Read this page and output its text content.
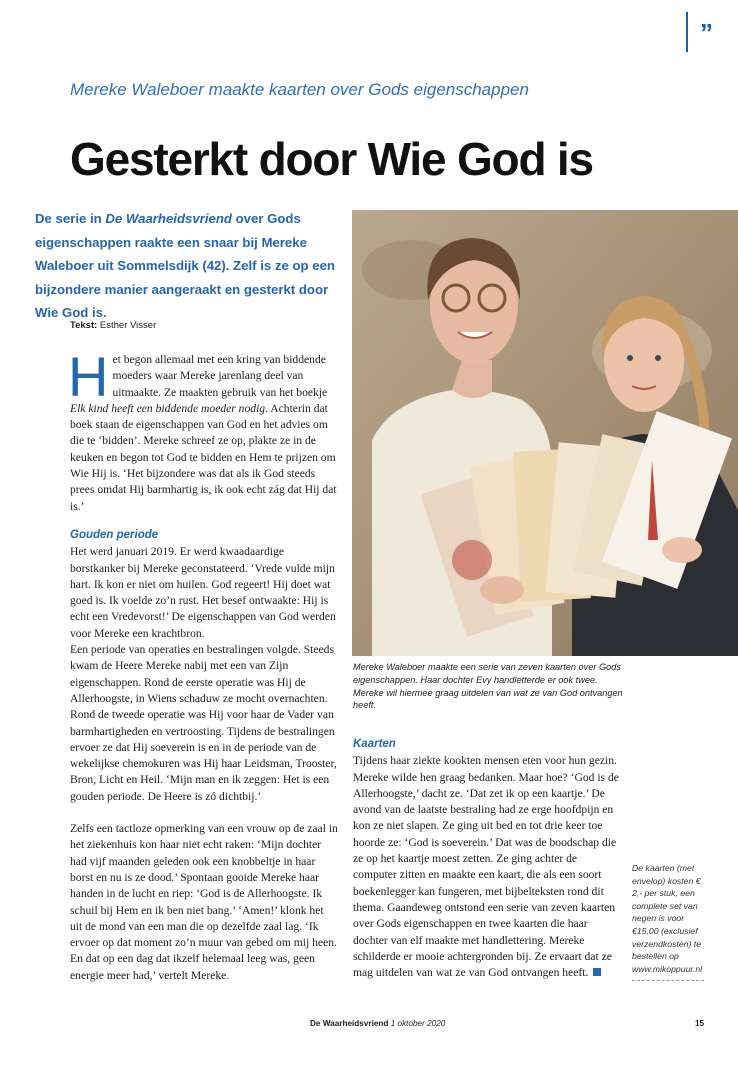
”
Mereke Waleboer maakte kaarten over Gods eigenschappen
Gesterkt door Wie God is
De serie in De Waarheidsvriend over Gods eigenschappen raakte een snaar bij Mereke Waleboer uit Sommelsdijk (42). Zelf is ze op een bijzondere manier aangeraakt en gesterkt door Wie God is.
Tekst: Esther Visser

Het begon allemaal met een kring van biddende moeders waar Mereke jarenlang deel van uitmaakte. Ze maakten gebruik van het boekje Elk kind heeft een biddende moeder nodig. Achterin dat boek staan de eigenschappen van God en het advies om die te ‘bidden’. Mereke schreef ze op, plakte ze in de keuken en begon tot God te bidden en Hem te prijzen om Wie Hij is. ‘Het bijzondere was dat als ik God steeds prees omdat Hij barmhartig is, ik ook echt zág dat Hij dat is.’

Gouden periode

Het werd januari 2019. Er werd kwaadaardige borstkanker bij Mereke geconstateerd. ‘Vrede vulde mijn hart. Ik kon er niet om huilen. God regeert! Hij doet wat goed is. Ik voelde zo’n rust. Het besef ontwaakte: Hij is echt een Vredevorst!’ De eigenschappen van God werden voor Mereke een krachtbron.

Een periode van operaties en bestralingen volgde. Steeds kwam de Heere Mereke nabij met een van Zijn eigenschappen. Rond de eerste operatie was Hij de Allerhoogste, in Wiens schaduw ze mocht overnachten. Rond de tweede operatie was Hij voor haar de Vader van barmhartigheden en vertroosting. Tijdens de bestralingen ervoer ze dat Hij soeverein is en in de periode van de wekelijkse chemokuren was Hij haar Leidsman, Trooster, Bron, Licht en Heil. ‘Mijn man en ik zeggen: Het is een gouden periode. De Heere is zó dichtbij.’

Zelfs een tactloze opmerking van een vrouw op de zaal in het ziekenhuis kon haar niet echt raken: ‘Mijn dochter had vijf maanden geleden ook een knobbeltje in haar borst en nu is ze dood.’ Spontaan gooide Mereke haar handen in de lucht en riep: ‘God is de Allerhoogste. Ik schuil bij Hem en ik ben niet bang.’ ‘Amen!’ klonk het uit de mond van een man die op dezelfde zaal lag. ‘Ik ervoer op dat moment zo’n muur van gebed om mij heen. En dat op een dag dat ikzelf helemaal leeg was, geen energie meer had,’ vertelt Mereke.

Mereke Waleboer maakte een serie van zeven kaarten over Gods eigenschappen. Haar dochter Evy handletterde er ook twee. Mereke wil hiermee graag uitdelen van wat ze van God ontvangen heeft.

Kaarten

Tijdens haar ziekte kookten mensen eten voor hun gezin. Mereke wilde hen graag bedanken. Maar hoe? ‘God is de Allerhoogste,’ dacht ze. ‘Dat zet ik op een kaartje.’ De avond van de laatste bestraling had ze erge hoofdpijn en kon ze niet slapen. Ze ging uit bed en tot drie keer toe hoorde ze: ‘God is soeverein.’ Dat was de boodschap die ze op het kaartje moest zetten. Ze ging achter de computer zitten en maakte een kaart, die als een soort boekenlegger kan fungeren, met bijbelteksten rond dit thema. Gaandeweg ontstond een serie van zeven kaarten over Gods eigenschappen en twee kaarten die haar dochter van elf maakte met handlettering. Mereke schilderde er mooie achtergronden bij. Ze ervaart dat ze mag uitdelen van wat ze van God ontvangen heeft.

De kaarten (met envelop) kosten € 2,- per stuk, een complete set van negen is voor €15,00 (exclusief verzendkosten) te bestellen op www.mikoppuur.nl
De Waarheidsvriend 1 oktober 2020	15
